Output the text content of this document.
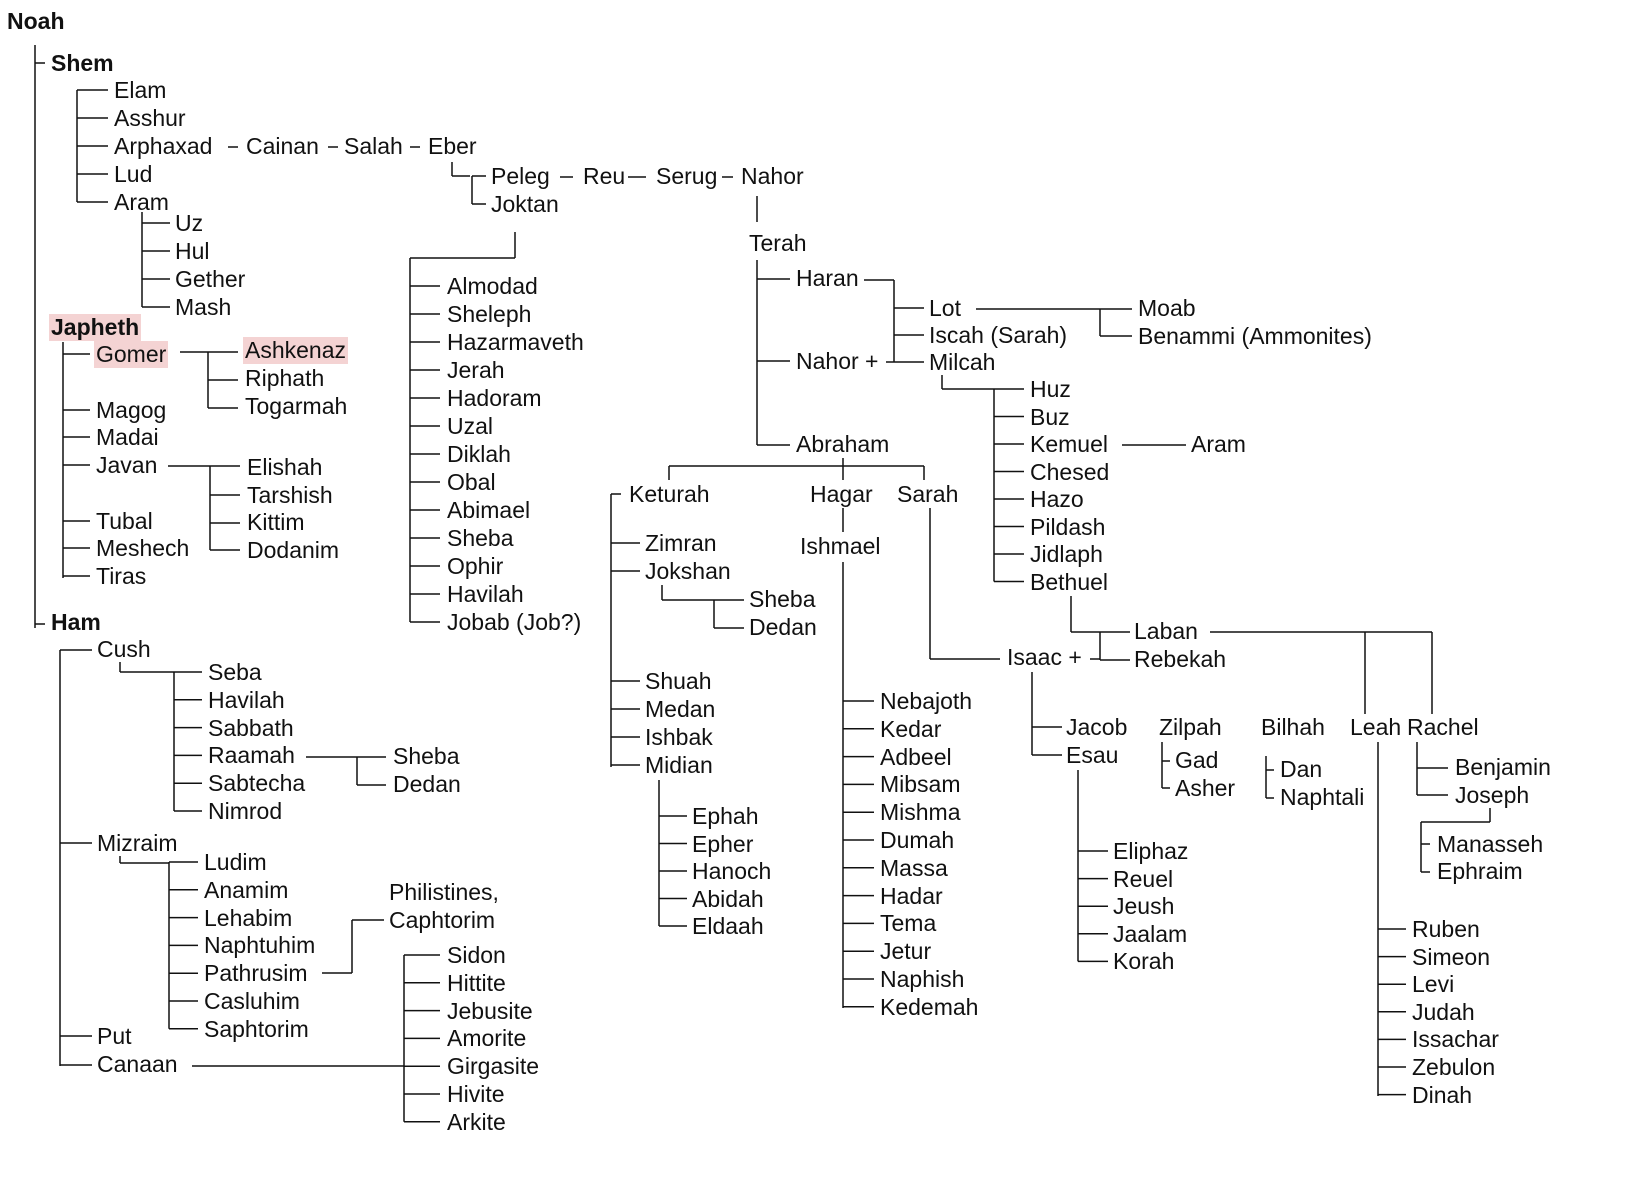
Noah
Shem
Elam
Asshur
Arphaxad
Lud
Aram
Cainan Salah Eber
Peleg
Joktan
Reu Serug Nahor
Uz
Hul
Gether
Mash
Almodad
Sheleph
Hazarmaveth
Jerah
Hadoram
Uzal
Diklah
Obal
Abimael
Sheba
Ophir
Havilah
Jobab (Job?)
Terah
Haran
Nahor +
Abraham
Lot
Iscah (Sarah)
Milcah
Moab
Benammi (Ammonites)
Huz
Buz
Kemuel
Chesed
Hazo
Pildash
Jidlaph
Bethuel
Aram
Laban
Rebekah
Keturah	Hagar Sarah
Zimran
Jokshan
Shuah
Medan
Ishbak
Midian
Sheba
Dedan
Ephah
Epher
Hanoch
Abidah
Eldaah
Ishmael
Nebajoth
Kedar
Adbeel
Mibsam
Mishma
Dumah
Massa
Hadar
Tema
Jetur
Naphish
Kedemah
Isaac +
Jacob
Esau
Eliphaz
Reuel
Jeush
Jaalam
Korah
Zilpah Bilhah Leah Rachel
Gad
Asher
Dan
Naphtali
Benjamin
Joseph
Manasseh
Ephraim
Ruben
Simeon
Levi
Judah
Issachar
Zebulon
Dinah
Japheth
Gomer
Magog
Madai
Javan
Tubal
Meshech
Tiras
Ashkenaz
Riphath
Togarmah
Elishah
Tarshish
Kittim
Dodanim
Ham
Cush
Mizraim
Put
Canaan
Seba
Havilah
Sabbath
Raamah
Sabtecha
Nimrod
Sheba
Dedan
Ludim
Anamim
Lehabim
Naphtuhim
Pathrusim
Casluhim
Saphtorim
Philistines,
Caphtorim
Sidon
Hittite
Jebusite
Amorite
Girgasite
Hivite
Arkite
